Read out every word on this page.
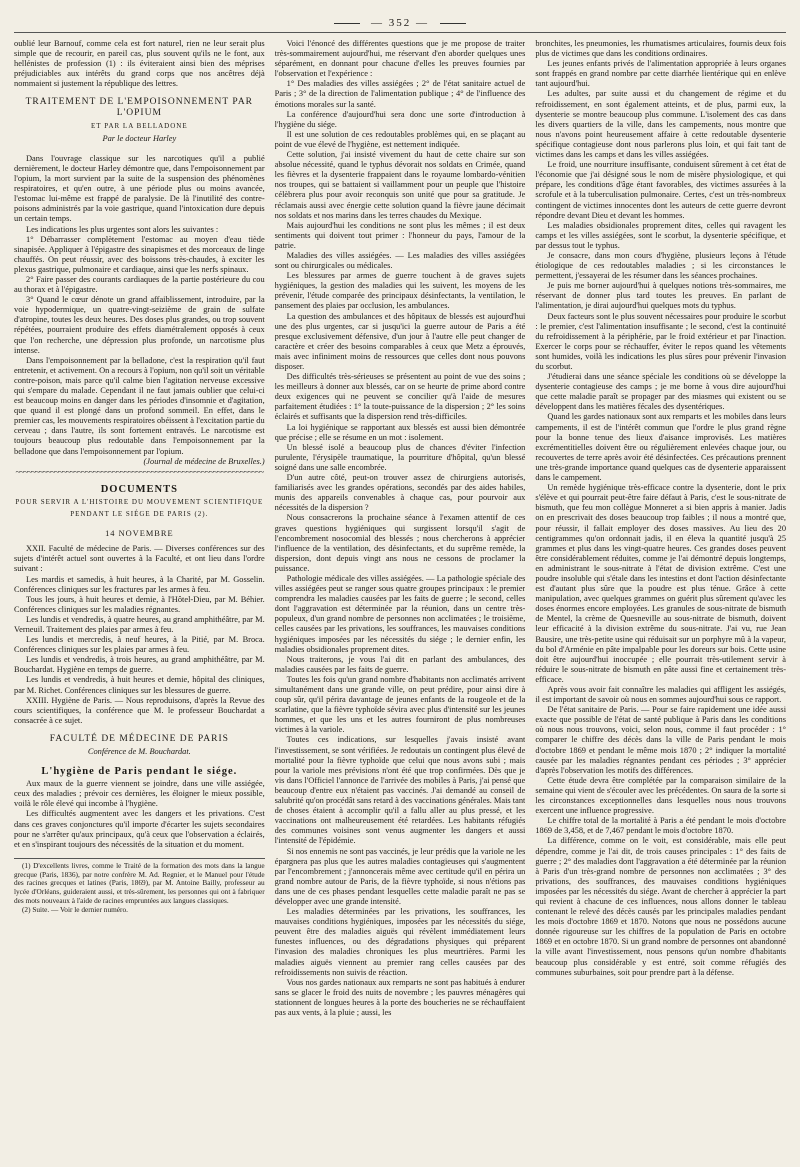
— 352 —

oublié leur Barnouf, comme cela est fort naturel, rien ne leur serait plus simple que de recourir, en pareil cas, plus souvent qu'ils ne le font, aux hellénistes de profession (1) : ils éviteraient ainsi bien des méprises préjudiciables aux intérêts du grand corps que nos ancêtres déjà nommaient si justement la république des lettres.

TRAITEMENT DE L'EMPOISONNEMENT PAR L'OPIUM

ET PAR LA BELLADONE

Par le docteur Harley

Dans l'ouvrage classique sur les narcotiques qu'il a publié dernièrement, le docteur Harley démontre que, dans l'empoisonnement par l'opium, la mort survient par la suite de la suspension des phénomènes respiratoires, et qu'en outre, à une période plus ou moins avancée, l'estomac lui-même est frappé de paralysie. De là l'inutilité des contre-poisons administrés par la voie gastrique, quand l'intoxication dure depuis un certain temps.

Les indications les plus urgentes sont alors les suivantes :

1° Débarrasser complètement l'estomac au moyen d'eau tiède sinapisée. Appliquer à l'épigastre des sinapismes et des morceaux de linge chauffés. On peut réussir, avec des boissons très-chaudes, à exciter les plexus gastrique, pulmonaire et cardiaque, ainsi que les nerfs spinaux.

2° Faire passer des courants cardiaques de la partie postérieure du cou au thorax et à l'épigastre.

3° Quand le cœur dénote un grand affaiblissement, introduire, par la voie hypodermique, un quatre-vingt-seizième de grain de sulfate d'atropine, toutes les deux heures. Des doses plus grandes, ou trop souvent répétées, pourraient produire des effets diamétralement opposés à ceux que l'on recherche, une dépression plus profonde, un narcotisme plus intense.

Dans l'empoisonnement par la belladone, c'est la respiration qu'il faut entretenir, et activement. On a recours à l'opium, non qu'il soit un véritable contre-poison, mais parce qu'il calme bien l'agitation nerveuse excessive qui s'empare du malade. Cependant il ne faut jamais oublier que celui-ci est beaucoup moins en danger dans les périodes d'insomnie et d'agitation, que quand il est plongé dans un profond sommeil. En effet, dans le premier cas, les mouvements respiratoires obéissent à l'excitation partie du cerveau ; dans l'autre, ils sont fortement entravés. Le narcotisme est toujours beaucoup plus redoutable dans l'empoisonnement par la belladone que dans l'empoisonnement par l'opium.

(Journal de médecine de Bruxelles.)

~~~~~~~~~~~~~~~~~~~~~~~~~~~~~~~~~~~~~~~~~~~~~~~~~~~~~~~~~~~~~~~~

DOCUMENTS

POUR SERVIR A L'HISTOIRE DU MOUVEMENT SCIENTIFIQUE

PENDANT LE SIÉGE DE PARIS (2).

14 NOVEMBRE

XXII. Faculté de médecine de Paris. — Diverses conférences sur des sujets d'intérêt actuel sont ouvertes à la Faculté, et ont lieu dans l'ordre suivant :

Les mardis et samedis, à huit heures, à la Charité, par M. Gosselin. Conférences cliniques sur les fractures par les armes à feu.

Tous les jours, à huit heures et demie, à l'Hôtel-Dieu, par M. Béhier. Conférences cliniques sur les maladies régnantes.

Les lundis et vendredis, à quatre heures, au grand amphithéâtre, par M. Verneuil. Traitement des plaies par armes à feu.

Les lundis et mercredis, à neuf heures, à la Pitié, par M. Broca. Conférences cliniques sur les plaies par armes à feu.

Les lundis et vendredis, à trois heures, au grand amphithéâtre, par M. Bouchardat. Hygiène en temps de guerre.

Les lundis et vendredis, à huit heures et demie, hôpital des cliniques, par M. Richet. Conférences cliniques sur les blessures de guerre.

XXIII. Hygiène de Paris. — Nous reproduisons, d'après la Revue des cours scientifiques, la conférence que M. le professeur Bouchardat a consacrée à ce sujet.

FACULTÉ DE MÉDECINE DE PARIS

Conférence de M. Bouchardat.

L'hygiène de Paris pendant le siége.

Aux maux de la guerre viennent se joindre, dans une ville assiégée, ceux des maladies ; prévoir ces dernières, les éloigner le mieux possible, voilà le rôle élevé qui incombe à l'hygiène.

Les difficultés augmentent avec les dangers et les privations. C'est dans ces graves conjonctures qu'il importe d'écarter les sujets secondaires pour ne s'arrêter qu'aux principaux, qu'à ceux que l'observation a éclairés, et en s'inspirant toujours des nécessités de la situation et du moment.

(1) D'excellents livres, comme le Traité de la formation des mots dans la langue grecque (Paris, 1836), par notre confrère M. Ad. Regnier, et le Manuel pour l'étude des racines grecques et latines (Paris, 1869), par M. Antoine Bailly, professeur au lycée d'Orléans, guideraient aussi, et très-sûrement, les personnes qui ont à fabriquer des mots nouveaux à l'aide de racines empruntées aux langues classiques.

(2) Suite. — Voir le dernier numéro.

Voici l'énoncé des différentes questions que je me propose de traiter très-sommairement aujourd'hui, me réservant d'en aborder quelques unes séparément, en donnant pour chacune d'elles les preuves fournies par l'observation et l'expérience :

1° Des maladies des villes assiégées ; 2° de l'état sanitaire actuel de Paris ; 3° de la direction de l'alimentation publique ; 4° de l'influence des émotions morales sur la santé.

La conférence d'aujourd'hui sera donc une sorte d'introduction à l'hygiène du siége.

Il est une solution de ces redoutables problèmes qui, en se plaçant au point de vue élevé de l'hygiène, est nettement indiquée.

Cette solution, j'ai insisté vivement du haut de cette chaire sur son absolue nécessité, quand le typhus dévorait nos soldats en Crimée, quand les fièvres et la dysenterie frappaient dans le royaume lombardo-vénitien nos troupes, qui se battaient si vaillamment pour un peuple que l'histoire célèbrera plus pour avoir reconquis son unité que pour sa gratitude. Je réclamais aussi avec énergie cette solution quand la fièvre jaune décimait nos soldats et nos marins dans les terres chaudes du Mexique.

Mais aujourd'hui les conditions ne sont plus les mêmes ; il est deux sentiments qui doivent tout primer : l'honneur du pays, l'amour de la patrie.

Maladies des villes assiégées. — Les maladies des villes assiégées sont ou chirurgicales ou médicales.

Les blessures par armes de guerre touchent à de graves sujets hygiéniques, la gestion des maladies qui les suivent, les moyens de les prévenir, l'étude comparée des principaux désinfectants, la ventilation, le pansement des plaies par occlusion, les ambulances.

La question des ambulances et des hôpitaux de blessés est aujourd'hui une des plus urgentes, car si jusqu'ici la guerre autour de Paris a été presque exclusivement défensive, d'un jour à l'autre elle peut changer de caractère et créer des besoins comparables à ceux que Metz a éprouvés, mais avec infiniment moins de ressources que celles dont nous pouvons disposer.

Des difficultés très-sérieuses se présentent au point de vue des soins ; les meilleurs à donner aux blessés, car on se heurte de prime abord contre deux exigences qui ne peuvent se concilier qu'à l'aide de mesures parfaitement étudiées : 1° la toute-puissance de la dispersion ; 2° les soins éclairés et suffisants que la dispersion rend très-difficiles.

La loi hygiénique se rapportant aux blessés est aussi bien démontrée que précise ; elle se résume en un mot : isolement.

Un blessé isolé a beaucoup plus de chances d'éviter l'infection purulente, l'érysipèle traumatique, la pourriture d'hôpital, qu'un blessé soigné dans une salle encombrée.

D'un autre côté, peut-on trouver assez de chirurgiens autorisés, familiarisés avec les grandes opérations, secondés par des aides habiles, munis des appareils convenables à chaque cas, pour pourvoir aux nécessités de la dispersion ?

Nous consacrerons la prochaine séance à l'examen attentif de ces graves questions hygiéniques qui surgissent lorsqu'il s'agit de l'encombrement nosocomial des blessés ; nous chercherons à apprécier l'influence de la ventilation, des désinfectants, et du suprême remède, la dispersion, dont depuis vingt ans nous ne cessons de proclamer la puissance.

Pathologie médicale des villes assiégées. — La pathologie spéciale des villes assiégées peut se ranger sous quatre groupes principaux : le premier comprendra les maladies causées par les faits de guerre ; le second, celles dont l'aggravation est déterminée par la réunion, dans un centre très-populeux, d'un grand nombre de personnes non acclimatées ; le troisième, celles causées par les privations, les souffrances, les mauvaises conditions hygiéniques imposées par les nécessités du siége ; le dernier enfin, les maladies obsidionales proprement dites.

Nous traiterons, je vous l'ai dit en parlant des ambulances, des maladies causées par les faits de guerre.

Toutes les fois qu'un grand nombre d'habitants non acclimatés arrivent simultanément dans une grande ville, on peut prédire, pour ainsi dire à coup sûr, qu'il périra davantage de jeunes enfants de la rougeole et de la scarlatine, que la fièvre typhoïde sévira avec plus d'intensité sur les jeunes hommes, et que les uns et les autres fourniront de plus nombreuses victimes à la variole.

Toutes ces indications, sur lesquelles j'avais insisté avant l'investissement, se sont vérifiées. Je redoutais un contingent plus élevé de mortalité pour la fièvre typhoïde que celui que nous avons subi ; mais pour la variole mes prévisions n'ont été que trop confirmées. Dès que je vis dans l'Officiel l'annonce de l'arrivée des mobiles à Paris, j'ai pensé que beaucoup d'entre eux n'étaient pas vaccinés. J'ai demandé au conseil de salubrité qu'on procédât sans retard à des vaccinations générales. Mais tant de choses étaient à accomplir qu'il a fallu aller au plus pressé, et les vaccinations ont malheureusement été retardées. Les habitants réfugiés des communes voisines sont venus augmenter les dangers et aussi l'intensité de l'épidémie.

Si nos ennemis ne sont pas vaccinés, je leur prédis que la variole ne les épargnera pas plus que les autres maladies contagieuses qui s'augmentent par l'encombrement ; j'annoncerais même avec certitude qu'il en périra un grand nombre autour de Paris, de la fièvre typhoïde, si nous n'étions pas dans une de ces phases pendant lesquelles cette maladie paraît ne pas se développer avec une grande intensité.

Les maladies déterminées par les privations, les souffrances, les mauvaises conditions hygiéniques, imposées par les nécessités du siége, peuvent être des maladies aiguës qui révèlent immédiatement leurs funestes influences, ou des dégradations physiques qui préparent l'invasion des maladies chroniques les plus meurtrières. Parmi les maladies aiguës viennent au premier rang celles causées par des refroidissements non suivis de réaction.

Vous nos gardes nationaux aux remparts ne sont pas habitués à endurer sans se glacer le froid des nuits de novembre ; les pauvres ménagères qui stationnent de longues heures à la porte des boucheries ne se réchauffaient pas aux vents, à la pluie ; aussi, les

bronchites, les pneumonies, les rhumatismes articulaires, fournis deux fois plus de victimes que dans les conditions ordinaires.

Les jeunes enfants privés de l'alimentation appropriée à leurs organes sont frappés en grand nombre par cette diarrhée lientérique qui en enlève tant aujourd'hui.

Les adultes, par suite aussi et du changement de régime et du refroidissement, en sont également atteints, et de plus, parmi eux, la dysenterie se montre beaucoup plus commune. L'isolement des cas dans les divers quartiers de la ville, dans les campements, nous montre que nous n'avons point heureusement affaire à cette redoutable dysenterie spécifique contagieuse dont nous parlerons plus loin, et qui fait tant de victimes dans les camps et dans les villes assiégées.

Le froid, une nourriture insuffisante, conduisent sûrement à cet état de l'économie que j'ai désigné sous le nom de misère physiologique, et qui prépare, les conditions d'âge étant favorables, des victimes assurées à la scrofule et à la tuberculisation pulmonaire. Certes, c'est un très-nombreux contingent de victimes innocentes dont les auteurs de cette guerre devront répondre devant Dieu et devant les hommes.

Les maladies obsidionales proprement dites, celles qui ravagent les camps et les villes assiégées, sont le scorbut, la dysenterie spécifique, et par dessus tout le typhus.

Je consacre, dans mon cours d'hygiène, plusieurs leçons à l'étude étiologique de ces redoutables maladies ; si les circonstances le permettent, j'essayerai de les résumer dans les séances prochaines.

Je puis me borner aujourd'hui à quelques notions très-sommaires, me réservant de donner plus tard toutes les preuves. En parlant de l'alimentation, je dirai aujourd'hui quelques mots du typhus.

Deux facteurs sont le plus souvent nécessaires pour produire le scorbut : le premier, c'est l'alimentation insuffisante ; le second, c'est la continuité du refroidissement à la périphérie, par le froid extérieur et par l'inaction. Exercer le corps pour se réchauffer, éviter le repos quand les vêtements sont humides, voilà les indications les plus sûres pour prévenir l'invasion du scorbut.

J'étudierai dans une séance spéciale les conditions où se développe la dysenterie contagieuse des camps ; je me borne à vous dire aujourd'hui que cette maladie paraît se propager par des miasmes qui existent ou se développent dans les matières fécales des dysentériques.

Quand les gardes nationaux sont aux remparts et les mobiles dans leurs campements, il est de l'intérêt commun que l'ordre le plus grand règne pour la bonne tenue des lieux d'aisance improvisés. Les matières excrémentitielles doivent être ou régulièrement enlevées chaque jour, ou recouvertes de terre après avoir été désinfectées. Ces précautions prennent une très-grande importance quand quelques cas de dysenterie apparaissent dans le campement.

Un remède hygiénique très-efficace contre la dysenterie, dont le prix s'élève et qui pourrait peut-être faire défaut à Paris, c'est le sous-nitrate de bismuth, que feu mon collègue Monneret a si bien appris à manier. Jadis on en prescrivait des doses beaucoup trop faibles ; il nous a montré que, pour réussir, il fallait employer des doses massives. Au lieu des 20 centigrammes qu'on ordonnait jadis, il en éleva la quantité jusqu'à 25 grammes et plus dans les vingt-quatre heures. Ces grandes doses peuvent être considérablement réduites, comme je l'ai démontré depuis longtemps, en administrant le sous-nitrate à l'état de division extrême. C'est une poudre insoluble qui s'étale dans les intestins et dont l'action désinfectante est d'autant plus sûre que la poudre est plus ténue. Grâce à cette manipulation, avec quelques grammes on guérit plus sûrement qu'avec les doses énormes encore employées. Les granules de sous-nitrate de bismuth de Mentel, la crème de Quesneville au sous-nitrate de bismuth, doivent leur efficacité à la division extrême du sous-nitrate. J'ai vu, rue Jean Bausire, une très-petite usine qui réduisait sur un porphyre mû à la vapeur, du bol d'Arménie en pâte impalpable pour les doreurs sur bois. Cette usine doit être aujourd'hui inoccupée ; elle pourrait très-utilement servir à réduire le sous-nitrate de bismuth en pâte aussi fine et certainement très-efficace.

Après vous avoir fait connaître les maladies qui affligent les assiégés, il est important de savoir où nous en sommes aujourd'hui sous ce rapport.

De l'état sanitaire de Paris. — Pour se faire rapidement une idée aussi exacte que possible de l'état de santé publique à Paris dans les conditions où nous nous trouvons, voici, selon nous, comme il faut procéder : 1° comparer le chiffre des décès dans la ville de Paris pendant le mois d'octobre 1869 et pendant le même mois 1870 ; 2° indiquer la mortalité causée par les maladies régnantes pendant ces périodes ; 3° apprécier d'après l'observation les motifs des différences.

Cette étude devra être complétée par la comparaison similaire de la semaine qui vient de s'écouler avec les précédentes. On saura de la sorte si les circonstances exceptionnelles dans lesquelles nous nous trouvons exercent une influence progressive.

Le chiffre total de la mortalité à Paris a été pendant le mois d'octobre 1869 de 3,458, et de 7,467 pendant le mois d'octobre 1870.

La différence, comme on le voit, est considérable, mais elle peut dépendre, comme je l'ai dit, de trois causes principales : 1° des faits de guerre ; 2° des maladies dont l'aggravation a été déterminée par la réunion à Paris d'un très-grand nombre de personnes non acclimatées ; 3° des privations, des souffrances, des mauvaises conditions hygiéniques imposées par les nécessités du siége. Avant de chercher à apprécier la part qui revient à chacune de ces influences, nous allons donner le tableau contenant le relevé des décès causés par les principales maladies pendant les mois d'octobre 1869 et 1870. Notons que nous ne possédons aucune donnée rigoureuse sur les chiffres de la population de Paris en octobre 1869 et en octobre 1870. Si un grand nombre de personnes ont abandonné la ville avant l'investissement, nous pensons qu'un nombre d'habitants beaucoup plus considérable y est entré, soit comme réfugiés des communes suburbaines, soit pour prendre part à la défense.
